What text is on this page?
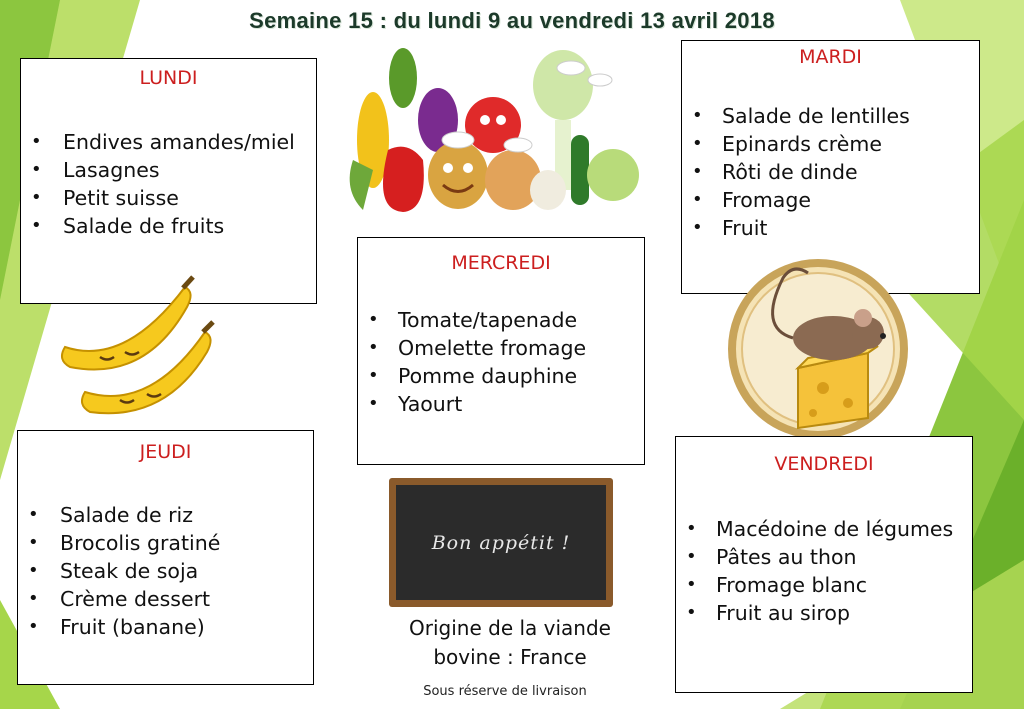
Semaine 15 : du lundi 9 au vendredi 13 avril 2018
LUNDI
• Endives amandes/miel
• Lasagnes
• Petit suisse
• Salade de fruits
MARDI
• Salade de lentilles
• Epinards crème
• Rôti de dinde
• Fromage
• Fruit
MERCREDI
• Tomate/tapenade
• Omelette fromage
• Pomme dauphine
• Yaourt
Bon appétit !
JEUDI
• Salade de riz
• Brocolis gratiné
• Steak de soja
• Crème dessert
• Fruit (banane)
VENDREDI
• Macédoine de légumes
• Pâtes au thon
• Fromage blanc
• Fruit au sirop
Origine de la viande
bovine : France
Sous réserve de livraison
